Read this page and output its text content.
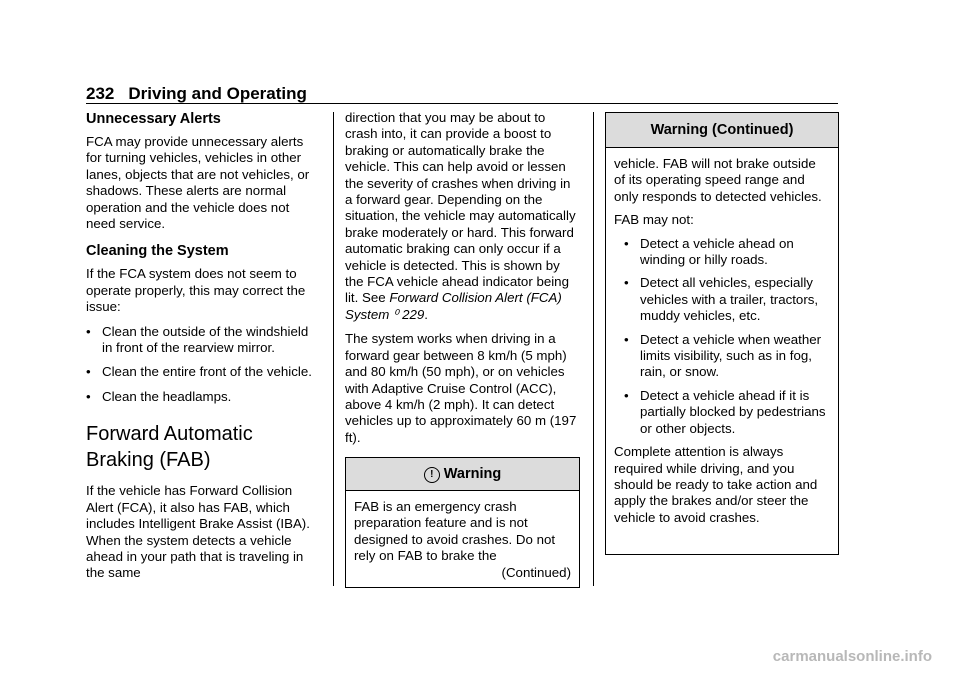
232 Driving and Operating
Unnecessary Alerts

FCA may provide unnecessary alerts for turning vehicles, vehicles in other lanes, objects that are not vehicles, or shadows. These alerts are normal operation and the vehicle does not need service.

Cleaning the System

If the FCA system does not seem to operate properly, this may correct the issue:

• Clean the outside of the windshield in front of the rearview mirror.
• Clean the entire front of the vehicle.
• Clean the headlamps.
Forward Automatic
Braking (FAB)

If the vehicle has Forward Collision Alert (FCA), it also has FAB, which includes Intelligent Brake Assist (IBA). When the system detects a vehicle ahead in your path that is traveling in the same

direction that you may be about to crash into, it can provide a boost to braking or automatically brake the vehicle. This can help avoid or lessen the severity of crashes when driving in a forward gear. Depending on the situation, the vehicle may automatically brake moderately or hard. This forward automatic braking can only occur if a vehicle is detected. This is shown by the FCA vehicle ahead indicator being lit. See Forward Collision Alert (FCA) System ⁰ 229.

The system works when driving in a forward gear between 8 km/h (5 mph) and 80 km/h (50 mph), or on vehicles with Adaptive Cruise Control (ACC), above 4 km/h (2 mph). It can detect vehicles up to approximately 60 m (197 ft).

! Warning

FAB is an emergency crash preparation feature and is not designed to avoid crashes. Do not rely on FAB to brake the

(Continued)
Warning (Continued)

vehicle. FAB will not brake outside of its operating speed range and only responds to detected vehicles.

FAB may not:

• Detect a vehicle ahead on winding or hilly roads.
• Detect all vehicles, especially vehicles with a trailer, tractors, muddy vehicles, etc.
• Detect a vehicle when weather limits visibility, such as in fog, rain, or snow.
• Detect a vehicle ahead if it is partially blocked by pedestrians or other objects.

Complete attention is always required while driving, and you should be ready to take action and apply the brakes and/or steer the vehicle to avoid crashes.

carmanualsonline.info
